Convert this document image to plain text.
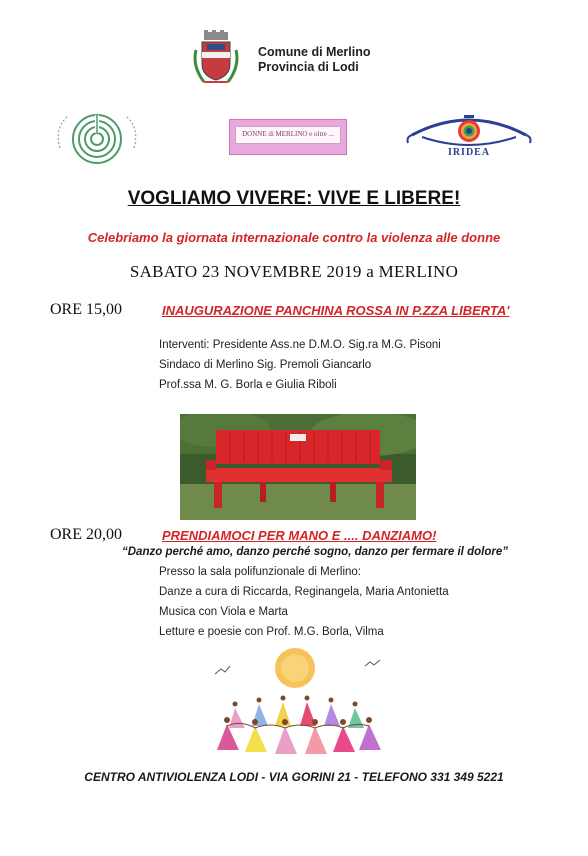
Comune di Merlino
Provincia di Lodi
DONNE di MERLINO e oltre ...
IRIDEA
VOGLIAMO VIVERE: VIVE E LIBERE!
Celebriamo la giornata internazionale contro la violenza alle donne
SABATO 23 NOVEMBRE 2019 a MERLINO
ORE 15,00	INAUGURAZIONE PANCHINA ROSSA IN P.ZZA LIBERTA'
Interventi: Presidente Ass.ne D.M.O. Sig.ra M.G. Pisoni
Sindaco di Merlino Sig. Premoli Giancarlo
Prof.ssa M. G. Borla e Giulia Riboli
ORE 20,00	PRENDIAMOCI PER MANO E .... DANZIAMO!
“Danzo perché amo, danzo perché sogno, danzo per fermare il dolore”
Presso la sala polifunzionale di Merlino:
Danze a cura di Riccarda, Reginangela, Maria Antonietta
Musica con Viola e Marta
Letture e poesie con Prof. M.G. Borla, Vilma
CENTRO ANTIVIOLENZA LODI - VIA GORINI 21 - TELEFONO 331 349 5221
